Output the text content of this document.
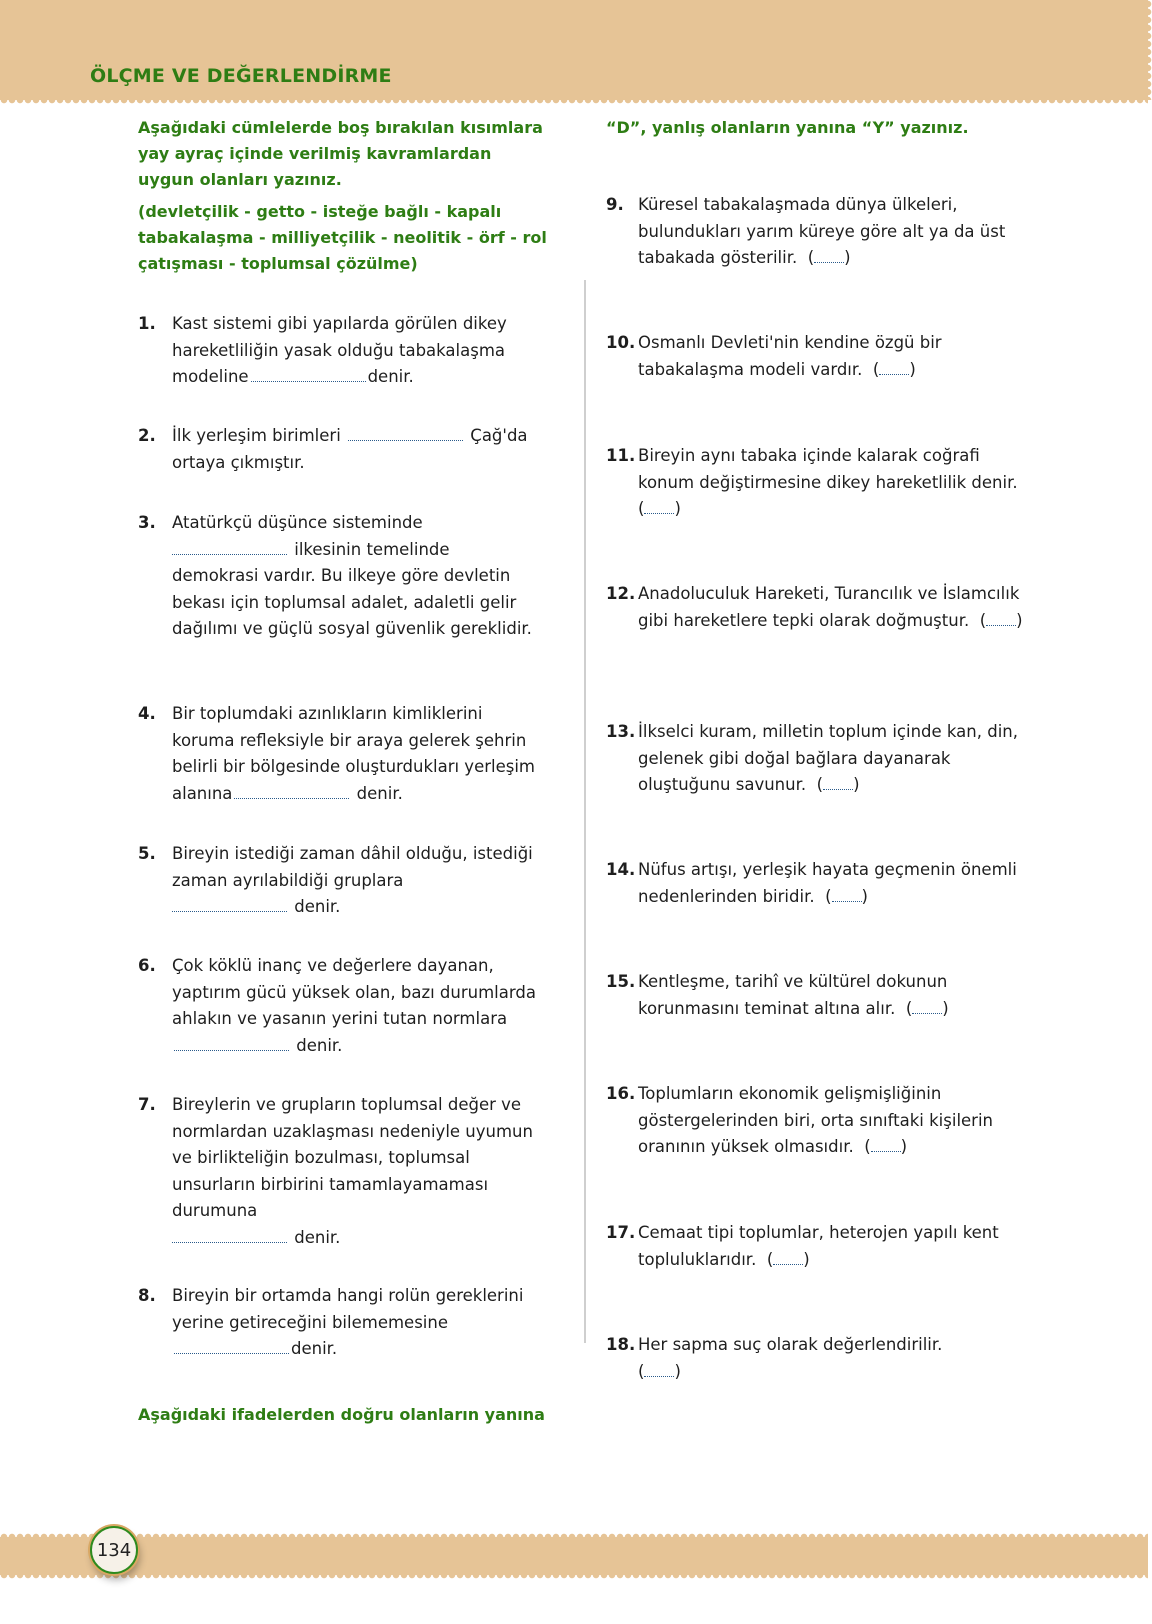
ÖLÇME VE DEĞERLENDİRME
Aşağıdaki cümlelerde boş bırakılan kısımlara
yay ayraç içinde verilmiş kavramlardan
uygun olanları yazınız.
(devletçilik - getto - isteğe bağlı - kapalı
tabakalaşma - milliyetçilik - neolitik - örf - rol
çatışması - toplumsal çözülme)
1. Kast sistemi gibi yapılarda görülen dikey hareketliliğin yasak olduğu tabakalaşma modeline	denir.
2. İlk yerleşim birimleri	Çağ'da ortaya çıkmıştır.
3. Atatürkçü düşünce sisteminde
ilkesinin temelinde demokrasi vardır. Bu ilkeye göre devletin bekası için toplumsal adalet, adaletli gelir dağılımı ve güçlü sosyal güvenlik gereklidir.
4. Bir toplumdaki azınlıkların kimliklerini koruma refleksiyle bir araya gelerek şehrin belirli bir bölgesinde oluşturdukları yerleşim alanına	denir.
5. Bireyin istediği zaman dâhil olduğu, istediği zaman ayrılabildiği gruplara
denir.
6. Çok köklü inanç ve değerlere dayanan, yaptırım gücü yüksek olan, bazı durumlarda ahlakın ve yasanın yerini tutan normlara denir.
7. Bireylerin ve grupların toplumsal değer ve normlardan uzaklaşması nedeniyle uyumun ve birlikteliğin bozulması, toplumsal unsurların birbirini tamamlayamaması durumuna
denir.
8. Bireyin bir ortamda hangi rolün gereklerini yerine getireceğini bilememesinedenir.
Aşağıdaki ifadelerden doğru olanların yanına
“D”, yanlış olanların yanına “Y” yazınız.
9. Küresel tabakalaşmada dünya ülkeleri, bulundukları yarım küreye göre alt ya da üst tabakada gösterilir. ( )
10. Osmanlı Devleti'nin kendine özgü bir tabakalaşma modeli vardır. ( )
11. Bireyin aynı tabaka içinde kalarak coğrafi konum değiştirmesine dikey hareketlilik denir.  ( )
12. Anadoluculuk Hareketi, Turancılık ve İslamcılık gibi hareketlere tepki olarak doğmuştur. ( )
13. İlkselci kuram, milletin toplum içinde kan, din, gelenek gibi doğal bağlara dayanarak oluştuğunu savunur. ( )
14. Nüfus artışı, yerleşik hayata geçmenin önemli nedenlerinden biridir. ( )
15. Kentleşme, tarihî ve kültürel dokunun korunmasını teminat altına alır. ( )
16. Toplumların ekonomik gelişmişliğinin göstergelerinden biri, orta sınıftaki kişilerin oranının yüksek olmasıdır. ( )
17. Cemaat tipi toplumlar, heterojen yapılı kent topluluklarıdır. ( )
18. Her sapma suç olarak değerlendirilir.
( )
134
